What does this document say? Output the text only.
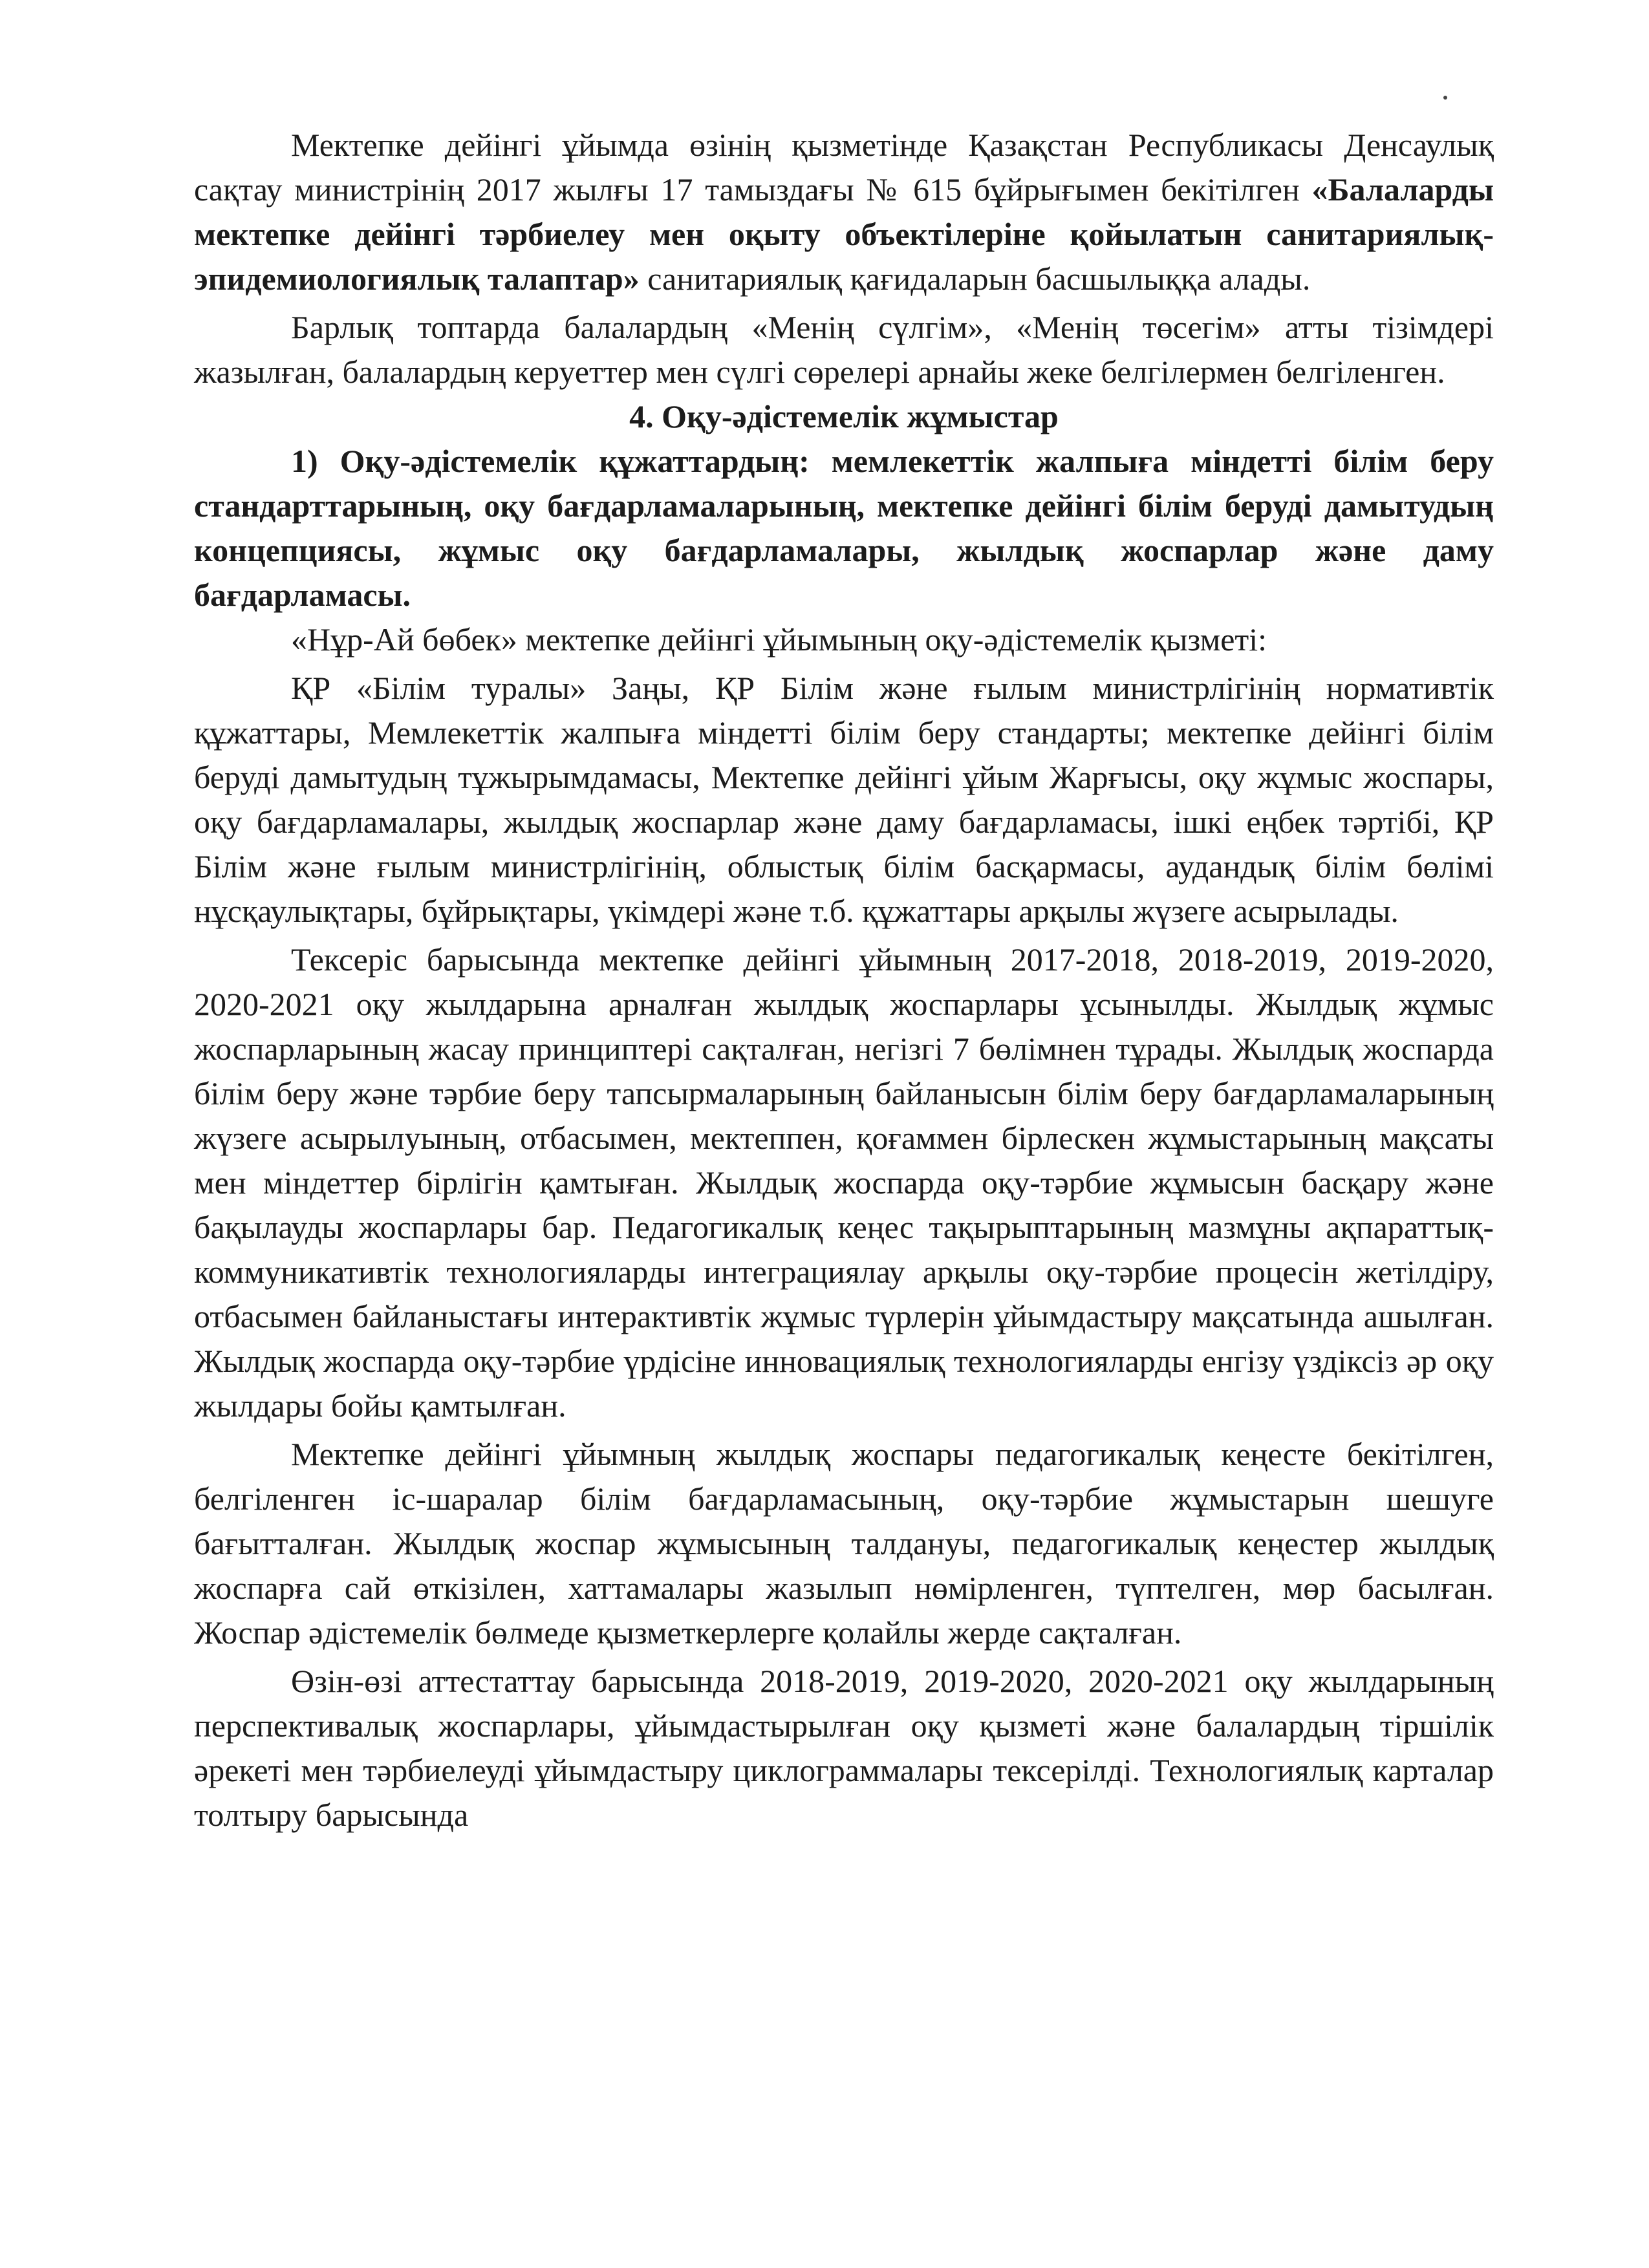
Мектепке дейінгі ұйымда өзінің қызметінде Қазақстан Республикасы Денсаулық сақтау министрінің 2017 жылғы 17 тамыздағы № 615 бұйрығымен бекітілген «Балаларды мектепке дейінгі тәрбиелеу мен оқыту объектілеріне қойылатын санитариялық-эпидемиологиялық талаптар» санитариялық қағидаларын басшылыққа алады.

Барлық топтарда балалардың «Менің сүлгім», «Менің төсегім» атты тізімдері жазылған, балалардың керуеттер мен сүлгі сөрелері арнайы жеке белгілермен белгіленген.

4. Оқу-әдістемелік жұмыстар

1) Оқу-әдістемелік құжаттардың: мемлекеттік жалпыға міндетті білім беру стандарттарының, оқу бағдарламаларының, мектепке дейінгі білім беруді дамытудың концепциясы, жұмыс оқу бағдарламалары, жылдық жоспарлар және даму бағдарламасы.

«Нұр-Ай бөбек» мектепке дейінгі ұйымының оқу-әдістемелік қызметі:

ҚР «Білім туралы» Заңы, ҚР Білім және ғылым министрлігінің нормативтік құжаттары, Мемлекеттік жалпыға міндетті білім беру стандарты; мектепке дейінгі білім беруді дамытудың тұжырымдамасы, Мектепке дейінгі ұйым Жарғысы, оқу жұмыс жоспары, оқу бағдарламалары, жылдық жоспарлар және даму бағдарламасы, ішкі еңбек тәртібі, ҚР Білім және ғылым министрлігінің, облыстық білім басқармасы, аудандық білім бөлімі нұсқаулықтары, бұйрықтары, үкімдері және т.б. құжаттары арқылы жүзеге асырылады.

Тексеріс барысында мектепке дейінгі ұйымның 2017-2018, 2018-2019, 2019-2020, 2020-2021 оқу жылдарына арналған жылдық жоспарлары ұсынылды. Жылдық жұмыс жоспарларының жасау принциптері сақталған, негізгі 7 бөлімнен тұрады. Жылдық жоспарда білім беру және тәрбие беру тапсырмаларының байланысын білім беру бағдарламаларының жүзеге асырылуының, отбасымен, мектеппен, қоғаммен бірлескен жұмыстарының мақсаты мен міндеттер бірлігін қамтыған. Жылдық жоспарда оқу-тәрбие жұмысын басқару және бақылауды жоспарлары бар. Педагогикалық кеңес тақырыптарының мазмұны ақпараттық-коммуникативтік технологияларды интеграциялау арқылы оқу-тәрбие процесін жетілдіру, отбасымен байланыстағы интерактивтік жұмыс түрлерін ұйымдастыру мақсатында ашылған. Жылдық жоспарда оқу-тәрбие үрдісіне инновациялық технологияларды енгізу үздіксіз әр оқу жылдары бойы қамтылған.

Мектепке дейінгі ұйымның жылдық жоспары педагогикалық кеңесте бекітілген, белгіленген іс-шаралар білім бағдарламасының, оқу-тәрбие жұмыстарын шешуге бағытталған. Жылдық жоспар жұмысының талдануы, педагогикалық кеңестер жылдық жоспарға сай өткізілен, хаттамалары жазылып нөмірленген, түптелген, мөр басылған. Жоспар әдістемелік бөлмеде қызметкерлерге қолайлы жерде сақталған.

Өзін-өзі аттестаттау барысында 2018-2019, 2019-2020, 2020-2021 оқу жылдарының перспективалық жоспарлары, ұйымдастырылған оқу қызметі және балалардың тіршілік әрекеті мен тәрбиелеуді ұйымдастыру циклограммалары тексерілді. Технологиялық карталар толтыру барысында
